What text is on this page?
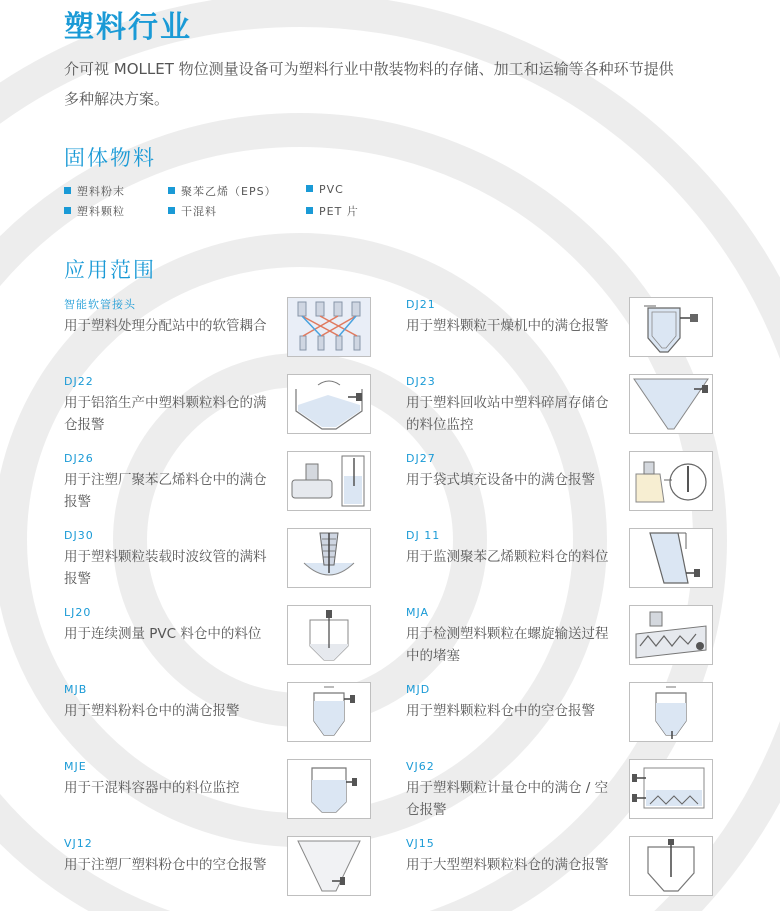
塑料行业

介可视 MOLLET 物位测量设备可为塑料行业中散装物料的存储、加工和运输等各种环节提供多种解决方案。

固体物料
塑料粉末
塑料颗粒
聚苯乙烯（EPS）
干混料
PVC
PET 片
应用范围
智能软管接头
用于塑料处理分配站中的软管耦合
DJ21
用于塑料颗粒干燥机中的满仓报警
DJ22
用于铝箔生产中塑料颗粒料仓的满仓报警
DJ23
用于塑料回收站中塑料碎屑存储仓的料位监控
DJ26
用于注塑厂聚苯乙烯料仓中的满仓报警
DJ27
用于袋式填充设备中的满仓报警
DJ30
用于塑料颗粒装载时波纹管的满料报警
DJ 11
用于监测聚苯乙烯颗粒料仓的料位
LJ20
用于连续测量 PVC 料仓中的料位
MJA
用于检测塑料颗粒在螺旋输送过程中的堵塞
MJB
用于塑料粉料仓中的满仓报警
MJD
用于塑料颗粒料仓中的空仓报警
MJE
用于干混料容器中的料位监控
VJ62
用于塑料颗粒计量仓中的满仓 / 空仓报警
VJ12
用于注塑厂塑料粉仓中的空仓报警
VJ15
用于大型塑料颗粒料仓的满仓报警
